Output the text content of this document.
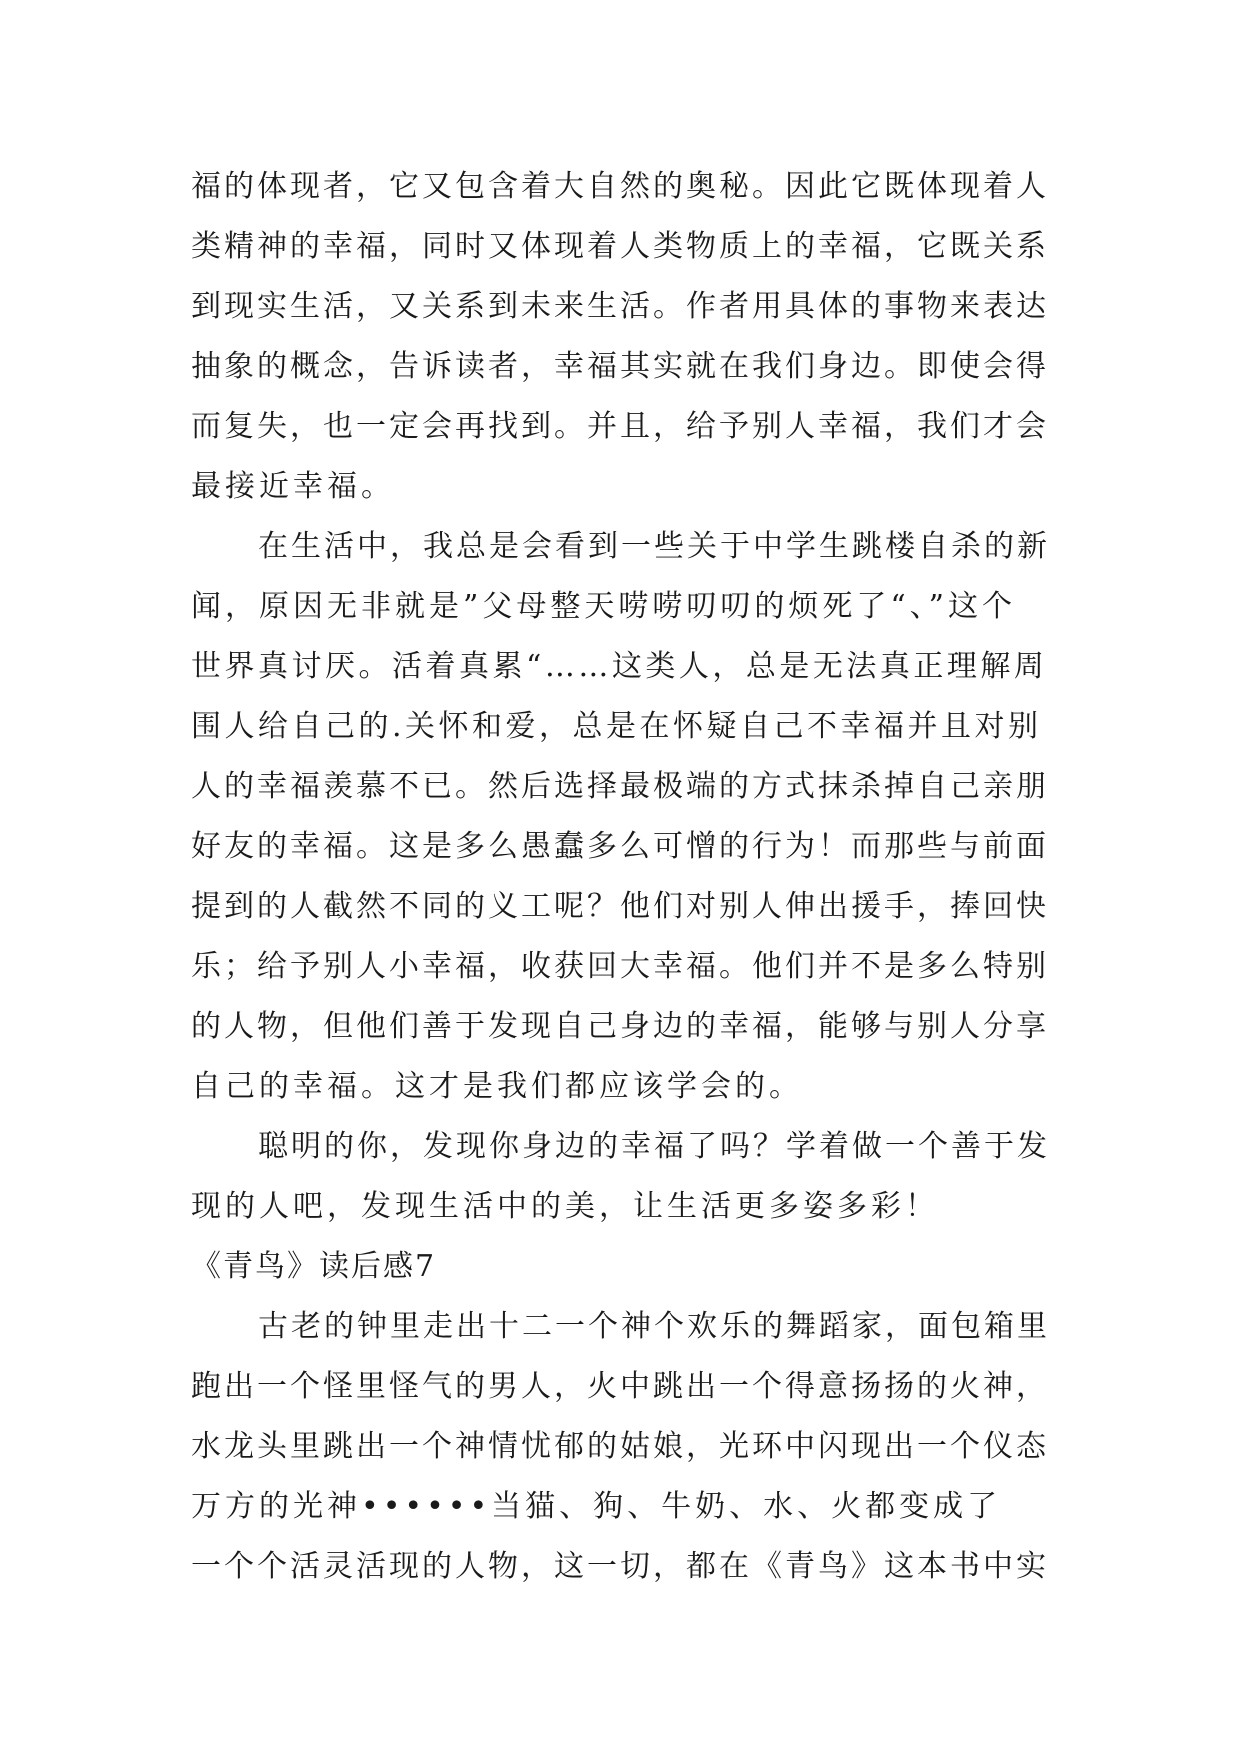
福的体现者，它又包含着大自然的奥秘。因此它既体现着人
类精神的幸福，同时又体现着人类物质上的幸福，它既关系
到现实生活，又关系到未来生活。作者用具体的事物来表达
抽象的概念，告诉读者，幸福其实就在我们身边。即使会得
而复失，也一定会再找到。并且，给予别人幸福，我们才会
最接近幸福。
在生活中，我总是会看到一些关于中学生跳楼自杀的新
闻，原因无非就是”父母整天唠唠叨叨的烦死了“、”这个
世界真讨厌。活着真累“……这类人，总是无法真正理解周
围人给自己的.关怀和爱，总是在怀疑自己不幸福并且对别
人的幸福羡慕不已。然后选择最极端的方式抹杀掉自己亲朋
好友的幸福。这是多么愚蠢多么可憎的行为！而那些与前面
提到的人截然不同的义工呢？他们对别人伸出援手，捧回快
乐；给予别人小幸福，收获回大幸福。他们并不是多么特别
的人物，但他们善于发现自己身边的幸福，能够与别人分享
自己的幸福。这才是我们都应该学会的。
聪明的你，发现你身边的幸福了吗？学着做一个善于发
现的人吧，发现生活中的美，让生活更多姿多彩！
《青鸟》读后感7
古老的钟里走出十二一个神个欢乐的舞蹈家，面包箱里
跑出一个怪里怪气的男人，火中跳出一个得意扬扬的火神，
水龙头里跳出一个神情忧郁的姑娘，光环中闪现出一个仪态
万方的光神••••••当猫、狗、牛奶、水、火都变成了
一个个活灵活现的人物，这一切，都在《青鸟》这本书中实
